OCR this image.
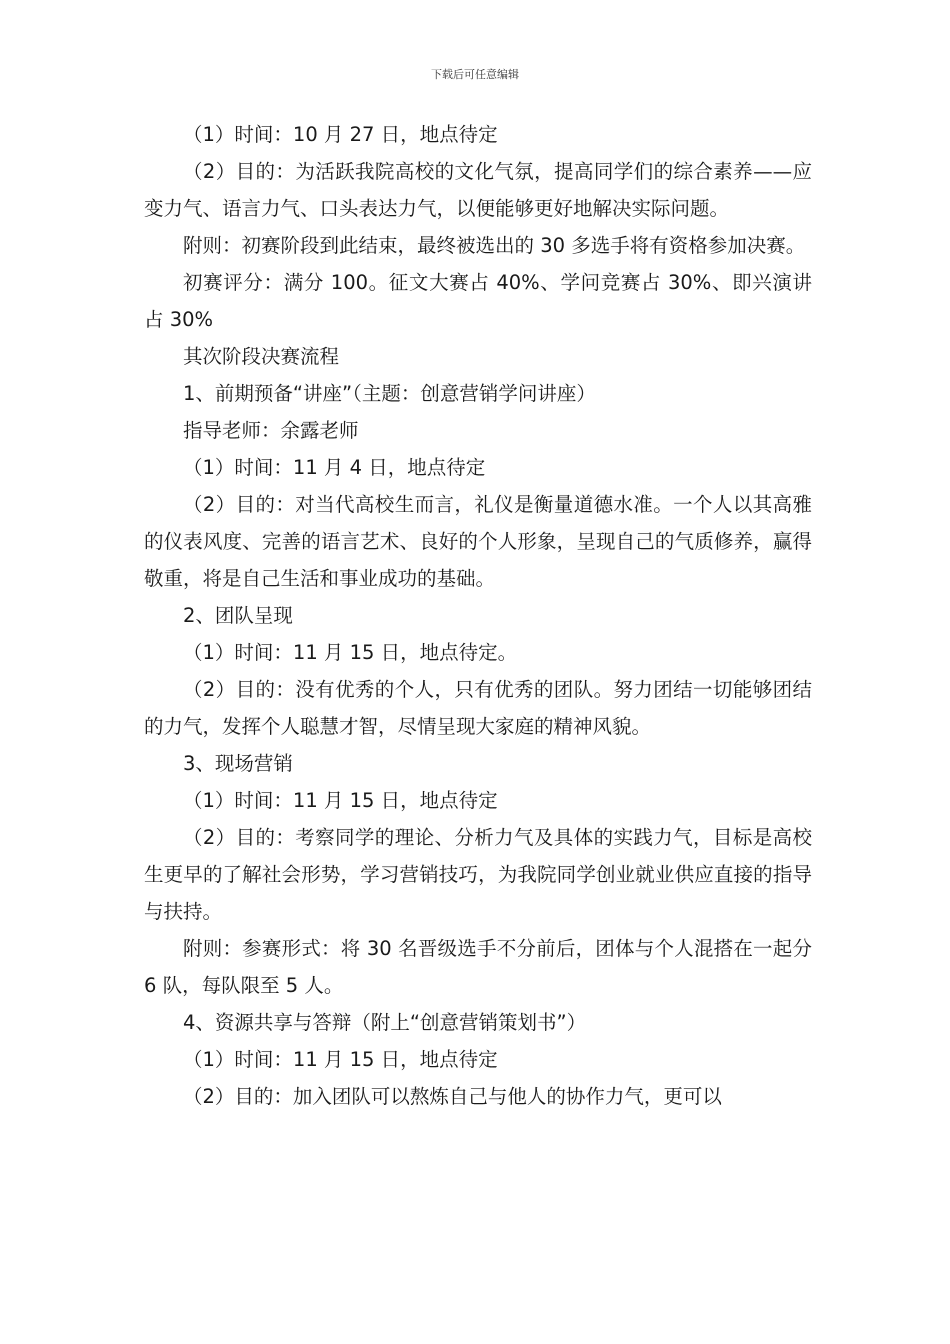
下载后可任意编辑

（1）时间：10 月 27 日，地点待定

（2）目的：为活跃我院高校的文化气氛，提高同学们的综合素养——应变力气、语言力气、口头表达力气，以便能够更好地解决实际问题。

附则：初赛阶段到此结束，最终被选出的 30 多选手将有资格参加决赛。

初赛评分：满分 100。征文大赛占 40%、学问竞赛占 30%、即兴演讲占 30%

其次阶段决赛流程

1、前期预备“讲座”（主题：创意营销学问讲座）

指导老师：余露老师

（1）时间：11 月 4 日，地点待定

（2）目的：对当代高校生而言，礼仪是衡量道德水准。一个人以其高雅的仪表风度、完善的语言艺术、良好的个人形象，呈现自己的气质修养，赢得敬重，将是自己生活和事业成功的基础。

2、团队呈现

（1）时间：11 月 15 日，地点待定。

（2）目的：没有优秀的个人，只有优秀的团队。努力团结一切能够团结的力气，发挥个人聪慧才智，尽情呈现大家庭的精神风貌。

3、现场营销

（1）时间：11 月 15 日，地点待定

（2）目的：考察同学的理论、分析力气及具体的实践力气，目标是高校生更早的了解社会形势，学习营销技巧，为我院同学创业就业供应直接的指导与扶持。

附则：参赛形式：将 30 名晋级选手不分前后，团体与个人混搭在一起分 6 队，每队限至 5 人。

4、资源共享与答辩（附上“创意营销策划书”）

（1）时间：11 月 15 日，地点待定

（2）目的：加入团队可以熬炼自己与他人的协作力气，更可以
